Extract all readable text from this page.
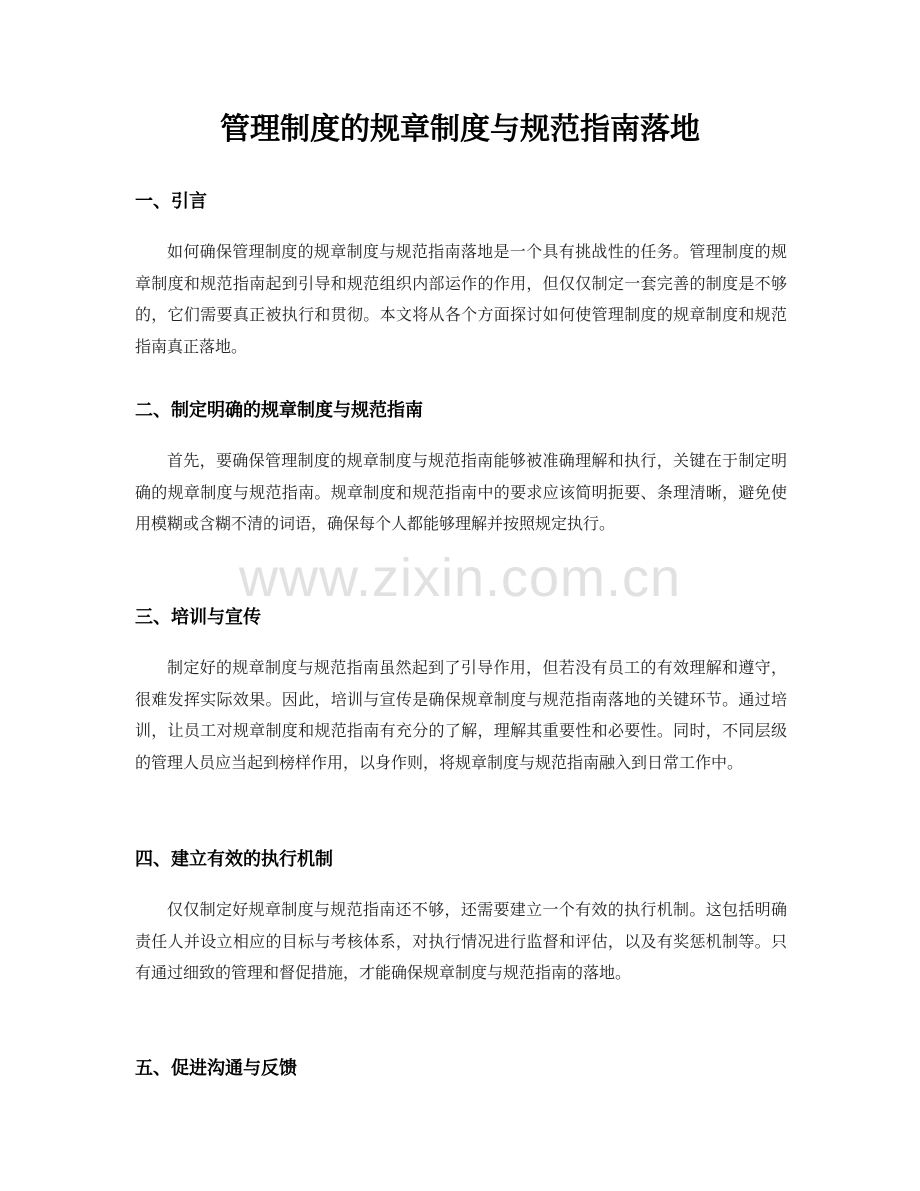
管理制度的规章制度与规范指南落地
一、引言

如何确保管理制度的规章制度与规范指南落地是一个具有挑战性的任务。管理制度的规章制度和规范指南起到引导和规范组织内部运作的作用，但仅仅制定一套完善的制度是不够的，它们需要真正被执行和贯彻。本文将从各个方面探讨如何使管理制度的规章制度和规范指南真正落地。

二、制定明确的规章制度与规范指南

首先，要确保管理制度的规章制度与规范指南能够被准确理解和执行，关键在于制定明确的规章制度与规范指南。规章制度和规范指南中的要求应该简明扼要、条理清晰，避免使用模糊或含糊不清的词语，确保每个人都能够理解并按照规定执行。

三、培训与宣传

制定好的规章制度与规范指南虽然起到了引导作用，但若没有员工的有效理解和遵守，很难发挥实际效果。因此，培训与宣传是确保规章制度与规范指南落地的关键环节。通过培训，让员工对规章制度和规范指南有充分的了解，理解其重要性和必要性。同时，不同层级的管理人员应当起到榜样作用，以身作则，将规章制度与规范指南融入到日常工作中。

四、建立有效的执行机制

仅仅制定好规章制度与规范指南还不够，还需要建立一个有效的执行机制。这包括明确责任人并设立相应的目标与考核体系，对执行情况进行监督和评估，以及有奖惩机制等。只有通过细致的管理和督促措施，才能确保规章制度与规范指南的落地。

五、促进沟通与反馈
www.zixin.com.cn
